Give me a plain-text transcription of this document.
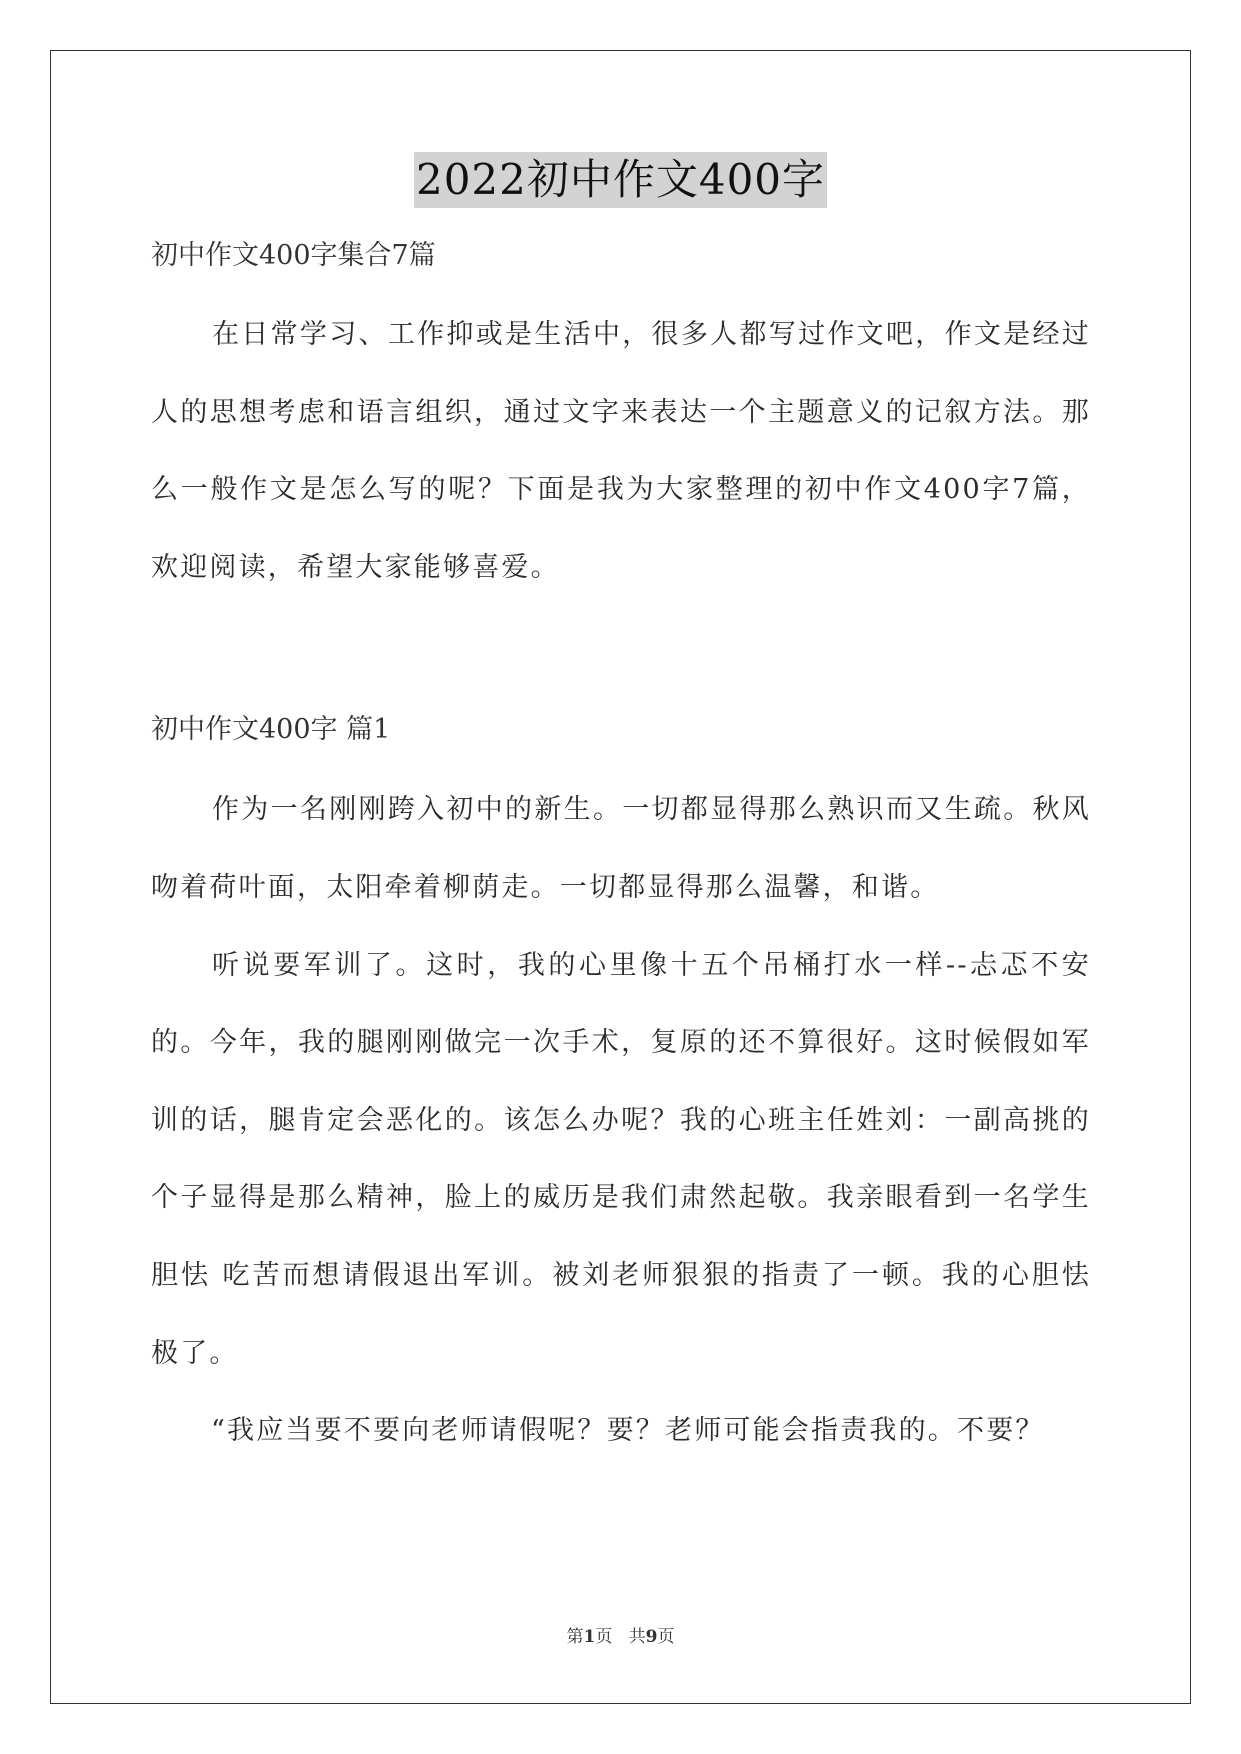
2022初中作文400字

初中作文400字集合7篇

在日常学习、工作抑或是生活中，很多人都写过作文吧，作文是经过人的思想考虑和语言组织，通过文字来表达一个主题意义的记叙方法。那么一般作文是怎么写的呢？下面是我为大家整理的初中作文400字7篇，欢迎阅读，希望大家能够喜爱。

初中作文400字 篇1

作为一名刚刚跨入初中的新生。一切都显得那么熟识而又生疏。秋风吻着荷叶面，太阳牵着柳荫走。一切都显得那么温馨，和谐。

听说要军训了。这时，我的心里像十五个吊桶打水一样--忐忑不安的。今年，我的腿刚刚做完一次手术，复原的还不算很好。这时候假如军训的话，腿肯定会恶化的。该怎么办呢？我的心班主任姓刘：一副高挑的个子显得是那么精神，脸上的威历是我们肃然起敬。我亲眼看到一名学生胆怯 吃苦而想请假退出军训。被刘老师狠狠的指责了一顿。我的心胆怯 极了。

“我应当要不要向老师请假呢？要？老师可能会指责我的。不要？

第1页 共9页
